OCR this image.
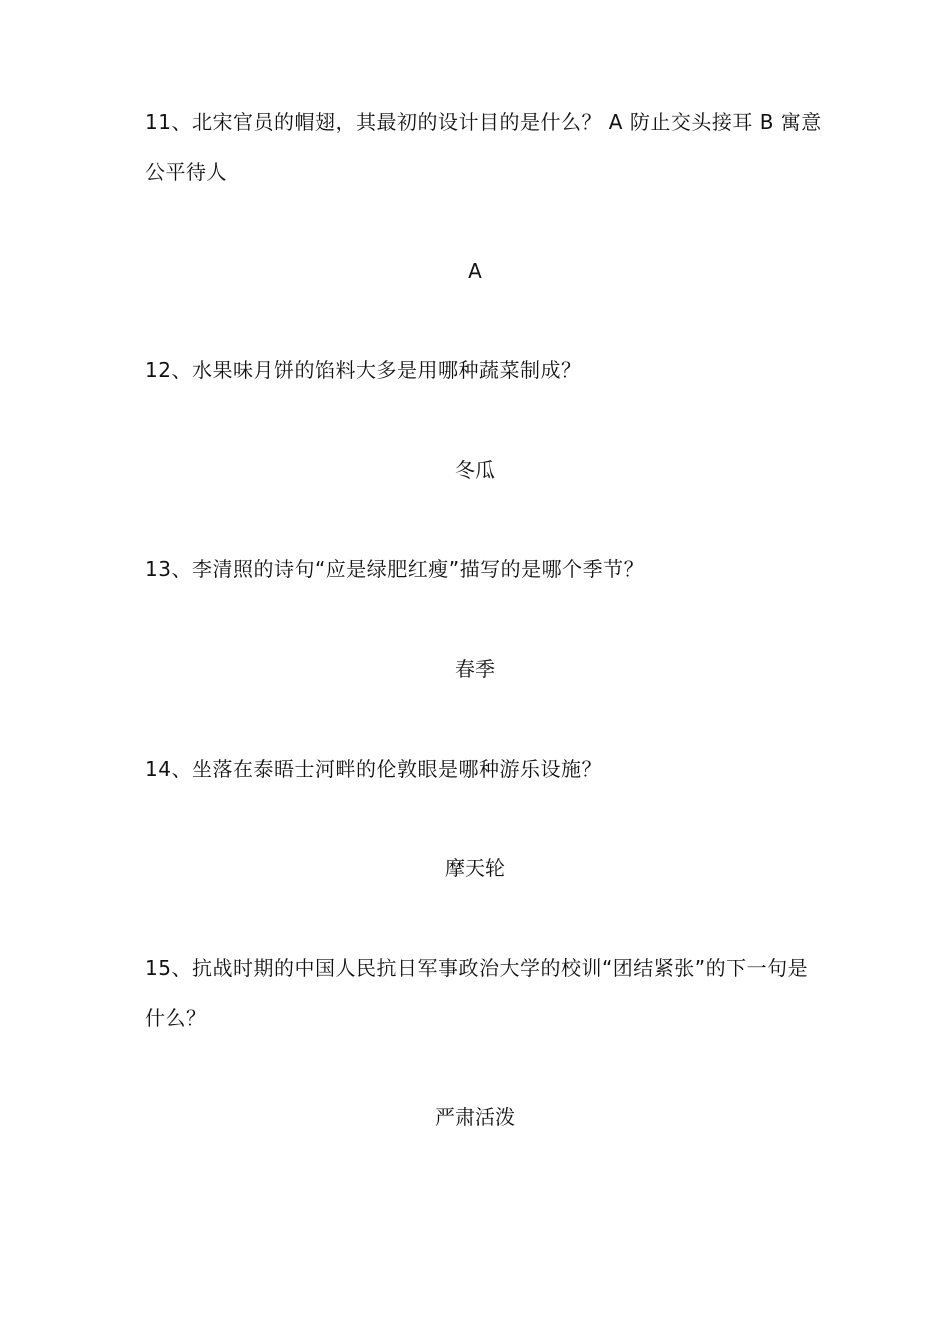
11、北宋官员的帽翅，其最初的设计目的是什么？ A 防止交头接耳 B 寓意公平待人
A
12、水果味月饼的馅料大多是用哪种蔬菜制成？
冬瓜
13、李清照的诗句“应是绿肥红瘦”描写的是哪个季节？
春季
14、坐落在泰晤士河畔的伦敦眼是哪种游乐设施？
摩天轮
15、抗战时期的中国人民抗日军事政治大学的校训“团结紧张”的下一句是什么？
严肃活泼
